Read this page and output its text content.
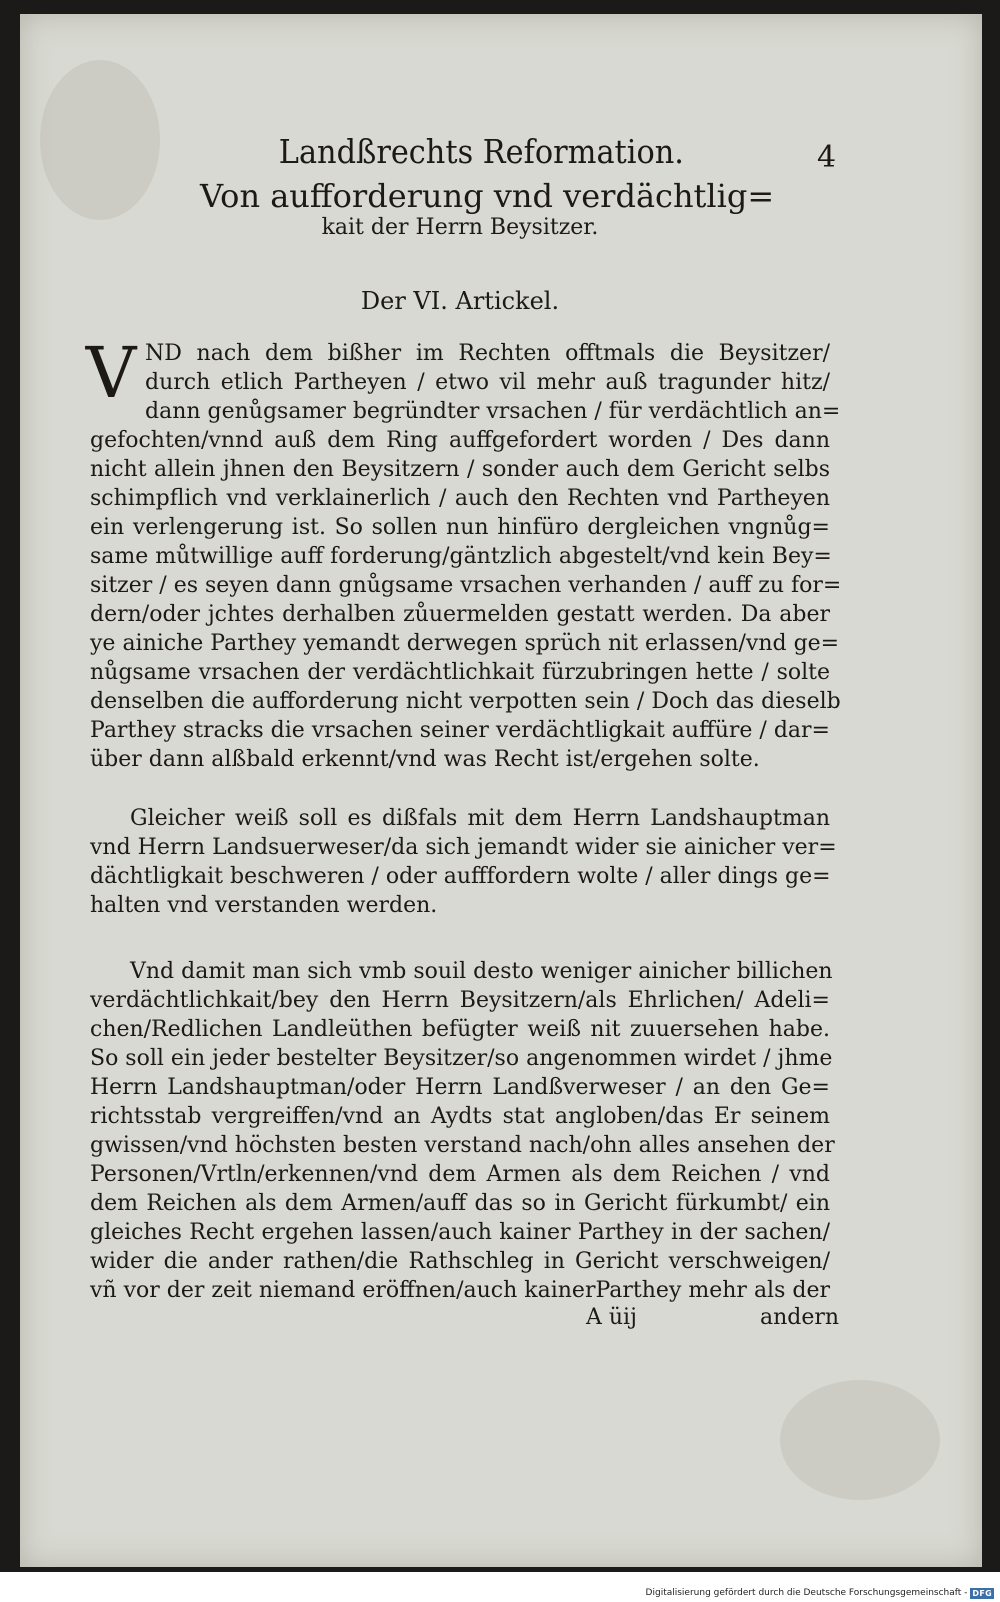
Landßrechts Reformation.	4
Von aufforderung vnd verdächtlig=
kait der Herrn Beysitzer.
Der VI. Artickel.
V ND nach dem bißher im Rechten offtmals die Beysitzer/
durch etlich Partheyen / etwo vil mehr auß tragunder hitz/
dann genůgsamer begründter vrsachen / für verdächtlich an=
gefochten/vnnd auß dem Ring auffgefordert worden / Des dann
nicht allein jhnen den Beysitzern / sonder auch dem Gericht selbs
schimpflich vnd verklainerlich / auch den Rechten vnd Partheyen
ein verlengerung ist. So sollen nun hinfüro dergleichen vngnůg=
same můtwillige auff forderung/gäntzlich abgestelt/vnd kein Bey=
sitzer / es seyen dann gnůgsame vrsachen verhanden / auff zu for=
dern/oder jchtes derhalben zůuermelden gestatt werden. Da aber
ye ainiche Parthey yemandt derwegen sprüch nit erlassen/vnd ge=
nůgsame vrsachen der verdächtlichkait fürzubringen hette / solte
denselben die aufforderung nicht verpotten sein / Doch das dieselb
Parthey stracks die vrsachen seiner verdächtligkait auffüre / dar=
über dann alßbald erkennt/vnd was Recht ist/ergehen solte.
Gleicher weiß soll es dißfals mit dem Herrn Landshauptman
vnd Herrn Landsuerweser/da sich jemandt wider sie ainicher ver=
dächtligkait beschweren / oder aufffordern wolte / aller dings ge=
halten vnd verstanden werden.
Vnd damit man sich vmb souil desto weniger ainicher billichen
verdächtlichkait/bey den Herrn Beysitzern/als Ehrlichen/ Adeli=
chen/Redlichen Landleüthen befügter weiß nit zuuersehen habe.
So soll ein jeder bestelter Beysitzer/so angenommen wirdet / jhme
Herrn Landshauptman/oder Herrn Landßverweser / an den Ge=
richtsstab vergreiffen/vnd an Aydts stat angloben/das Er seinem
gwissen/vnd höchsten besten verstand nach/ohn alles ansehen der
Personen/Vrtln/erkennen/vnd dem Armen als dem Reichen / vnd
dem Reichen als dem Armen/auff das so in Gericht fürkumbt/ ein
gleiches Recht ergehen lassen/auch kainer Parthey in der sachen/
wider die ander rathen/die Rathschleg in Gericht verschweigen/
vñ vor der zeit niemand eröffnen/auch kainerParthey mehr als der
A üij	andern
Digitalisierung gefördert durch die Deutsche Forschungsgemeinschaft - DFG
